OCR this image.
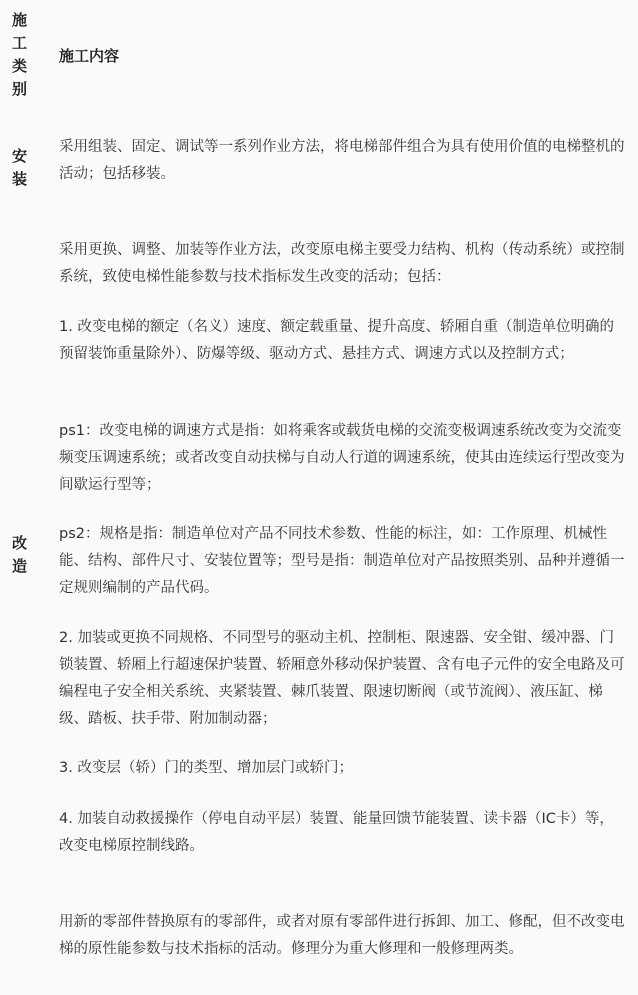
施工类别
施工内容
安装

采用组装、固定、调试等一系列作业方法，将电梯部件组合为具有使用价值的电梯整机的活动；包括移装。

改造

采用更换、调整、加装等作业方法，改变原电梯主要受力结构、机构（传动系统）或控制系统，致使电梯性能参数与技术指标发生改变的活动；包括：

1. 改变电梯的额定（名义）速度、额定载重量、提升高度、轿厢自重（制造单位明确的预留装饰重量除外）、防爆等级、驱动方式、悬挂方式、调速方式以及控制方式；

ps1：改变电梯的调速方式是指：如将乘客或载货电梯的交流变极调速系统改变为交流变频变压调速系统；或者改变自动扶梯与自动人行道的调速系统，使其由连续运行型改变为间歇运行型等；

ps2：规格是指：制造单位对产品不同技术参数、性能的标注，如：工作原理、机械性能、结构、部件尺寸、安装位置等；型号是指：制造单位对产品按照类别、品种并遵循一定规则编制的产品代码。

2. 加装或更换不同规格、不同型号的驱动主机、控制柜、限速器、安全钳、缓冲器、门锁装置、轿厢上行超速保护装置、轿厢意外移动保护装置、含有电子元件的安全电路及可编程电子安全相关系统、夹紧装置、棘爪装置、限速切断阀（或节流阀）、液压缸、梯级、踏板、扶手带、附加制动器；

3. 改变层（轿）门的类型、增加层门或轿门；

4. 加装自动救援操作（停电自动平层）装置、能量回馈节能装置、读卡器（IC卡）等，改变电梯原控制线路。

用新的零部件替换原有的零部件，或者对原有零部件进行拆卸、加工、修配，但不改变电梯的原性能参数与技术指标的活动。修理分为重大修理和一般修理两类。
